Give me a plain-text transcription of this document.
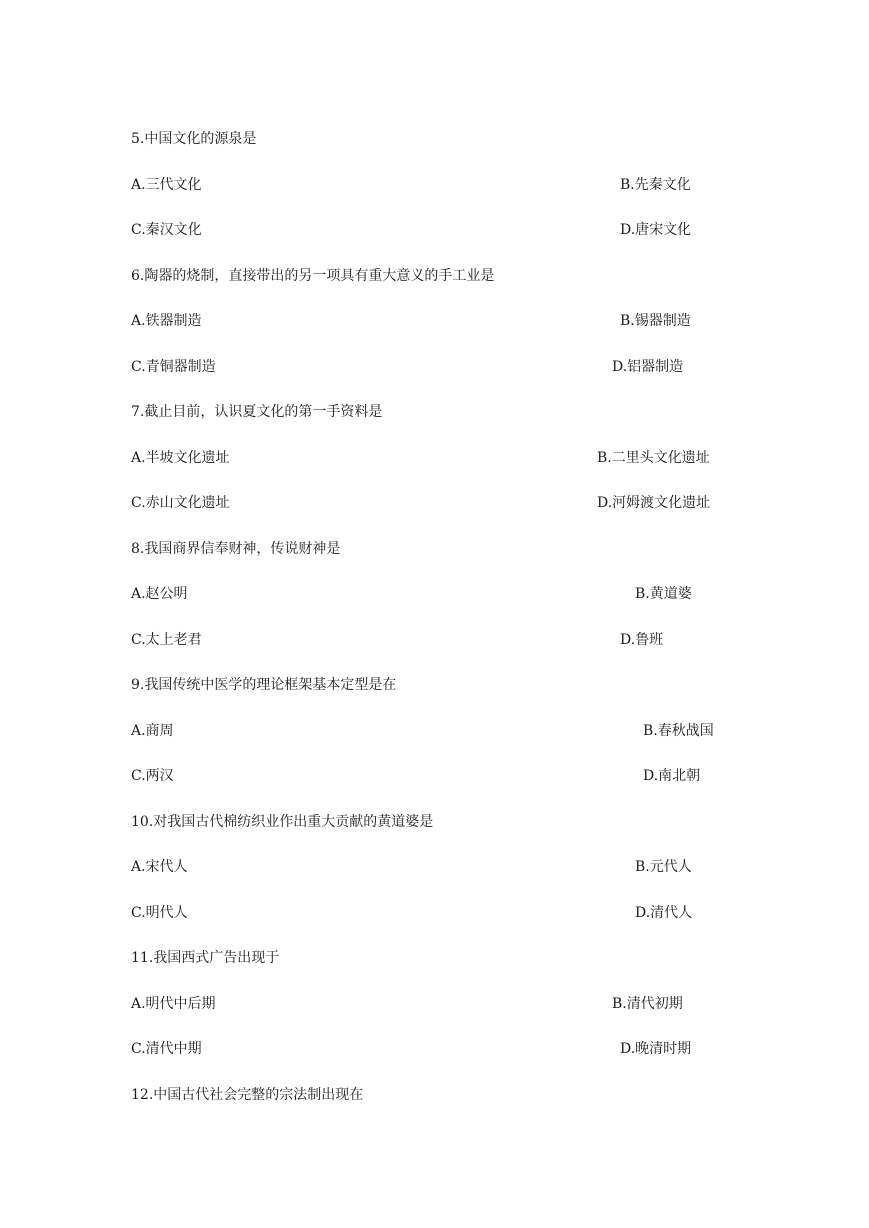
5.中国文化的源泉是
A.三代文化	B.先秦文化
C.秦汉文化	D.唐宋文化
6.陶器的烧制，直接带出的另一项具有重大意义的手工业是
A.铁器制造	B.锡器制造
C.青铜器制造	D.铝器制造
7.截止目前，认识夏文化的第一手资料是
A.半坡文化遗址	B.二里头文化遗址
C.赤山文化遗址	D.河姆渡文化遗址
8.我国商界信奉财神，传说财神是
A.赵公明	B.黄道婆
C.太上老君	D.鲁班
9.我国传统中医学的理论框架基本定型是在
A.商周	B.春秋战国
C.两汉	D.南北朝
10.对我国古代棉纺织业作出重大贡献的黄道婆是
A.宋代人	B.元代人
C.明代人	D.清代人
11.我国西式广告出现于
A.明代中后期	B.清代初期
C.清代中期	D.晚清时期
12.中国古代社会完整的宗法制出现在
